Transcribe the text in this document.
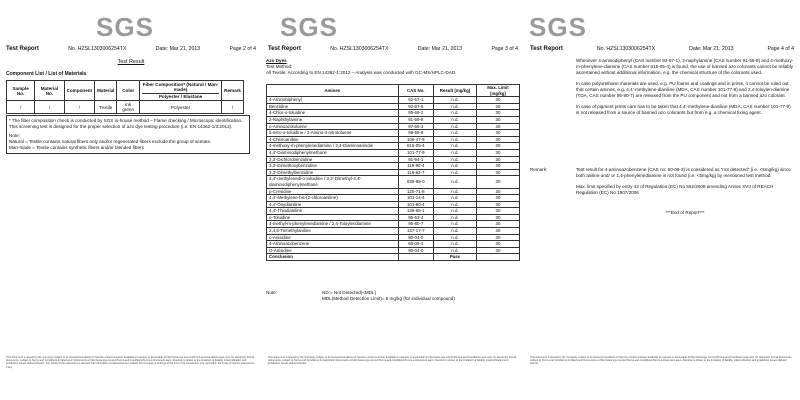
SGS
Test Report	No. HZSL1303006254TX	Date: Mar 21, 2013	Page 2 of 4
Test Result
Component List / List of Materials
Sample No.	Material No.	Component	Material	Color	Fiber Composition* (Natural / Man-made)
Polyester / Elastane	Remark
/	/	/	Textile	ink green	Polyester	/
* The fiber composition check is conducted by SGS in-house method – Flame checking / Microscopic identification.
This screening test is designed for the proper selection of azo dye testing procedure (i.e. EN 14362-1/3:2012).
Note:
Natural = Textile contains natural fibers only and/or regenerated fibers exclude the group of acetate.
Man-made = Textile contains synthetic fibers and/or blended fibers
This document is issued by the Company subject to its General Conditions of Service printed overleaf, available on request or accessible at http://www.sgs.com/en/Terms-and-Conditions.aspx and, for electronic format documents, subject to Terms and Conditions for Electronic Documents at http://www.sgs.com/en/Terms-and-Conditions/Terms-e-Document.aspx. Attention is drawn to the limitation of liability, indemnification and jurisdiction issues defined therein. Any holder of this document is advised that information contained hereon reflects the Company's findings at the time of its intervention only and within the limits of Client's instructions, if any.
SGS
Test Report	No. HZSL1303006254TX	Date: Mar 21, 2013	Page 3 of 4
Azo Dyes
Test Method:
All Textile: According to EN 14362-1:2012 – Analysis was conducted with GC-MS/HPLC-DAD.
Amines	CAS No.	Result (mg/kg)	Max. Limit (mg/kg)
4-Aminobiphenyl	92-67-1	n.d.	30
Benzidine	92-87-5	n.d.	30
4-Chlor-o-toluidine	95-69-2	n.d.	30
2-Naphthylamine	91-59-8	n.d.	30
o-Aminoazotoluene	97-56-3	n.d.	30
5-nitro-o-toluidine / 2-Amino-4-nitrotoluene	99-55-8	n.d.	30
4-Chloroaniline	106-47-8	n.d.	30
4-methoxy-m-phenylenediamine / 2,4-Diaminoanisole	615-05-4	n.d.	30
4,4'-Diaminodiphenylmethane	101-77-9	n.d.	30
3,3'-Dichlorobenzidine	91-94-1	n.d.	30
3,3'-Dimethoxybenzidine	119-90-4	n.d.	30
3,3'-Dimethylbenzidine	119-93-7	n.d.	30
4,4'-methylenedi-o-toluidine / 3,3'-Dimethyl-4,4'-diaminodiphenylmethane	838-88-0	n.d.	30
p-Cresidine	120-71-8	n.d.	30
4,4'-Methylene-bis-(2-chloroaniline)	101-14-4	n.d.	30
4,4'-Oxydianiline	101-80-4	n.d.	30
4,4'-Thiodianiline	139-65-1	n.d.	30
o-Toluidine	95-53-4	n.d.	30
4-methyl-m-phenylenediamine / 2,4-Toluylendiamine	95-80-7	n.d.	30
2,4,5-Trimethylaniline	137-17-7	n.d.	30
o-Anisidine	90-04-0	n.d.	30
4-Aminoazobenzene	60-09-3	n.d.	30
O-Anisidine	90-04-0	n.d.	30
Conclusion		Pass	
Note:	ND = Not Detected(<MDL)
MDL(Method Detection Limit)= 5 mg/kg (for individual compound)
This document is issued by the Company subject to its General Conditions of Service printed overleaf, available on request or accessible at http://www.sgs.com/en/Terms-and-Conditions.aspx and, for electronic format documents, subject to Terms and Conditions for Electronic Documents at http://www.sgs.com/en/Terms-and-Conditions/Terms-e-Document.aspx. Attention is drawn to the limitation of liability, indemnification and jurisdiction issues defined therein.
SGS
Test Report	No. HZSL1303006254TX	Date: Mar 21, 2013	Page 4 of 4

Whenever 4-aminodiphenyl (CAS number 92-67-1), 2-naphylamine (CAS number 91-59-8) and 4-methoxy-m-phenylene-diamine (CAS number 615-05-4) is found, the use of banned azo colorants cannot be reliably ascertained without additional information, e.g. the chemical structure of the colorants used.

In case polyurethane materials are used, e.g. PU foams and coatings and in prints, it cannot be ruled out that certain amines, e.g. 4,4'-methylene-dianiline (MDA, CAS number 101-77-9) and 2,4-toluylen-diamine (TDA, CAS number 95-80-7) are released from the PU component and not from a banned azo colorant.

In case of pigment prints care has to be taken that 4,4'-methylene-dianiline (MDA, CAS number 101-77-9) is not released from a source of banned azo colorants but from e.g. a chemical fixing agent.

Remark:	Test result for 4-aminoazobenzene (CAS no: 60-09-3) is considered as "not detected" (i.e. <5mg/kg) since both aniline and/ or 1,4-phenylenediamine is not found (i.e. <5mg/kg) by mentioned test method.

Max. limit specified by entry 43 of Regulation (EC) No 552/2009 amending Annex XVII of REACH Regulation (EC) No 1907/2006

***End of Report***
This document is issued by the Company subject to its General Conditions of Service printed overleaf, available on request or accessible at http://www.sgs.com/en/Terms-and-Conditions.aspx and, for electronic format documents, subject to Terms and Conditions for Electronic Documents at http://www.sgs.com/en/Terms-and-Conditions/Terms-e-Document.aspx. Attention is drawn to the limitation of liability, indemnification and jurisdiction issues defined therein.
